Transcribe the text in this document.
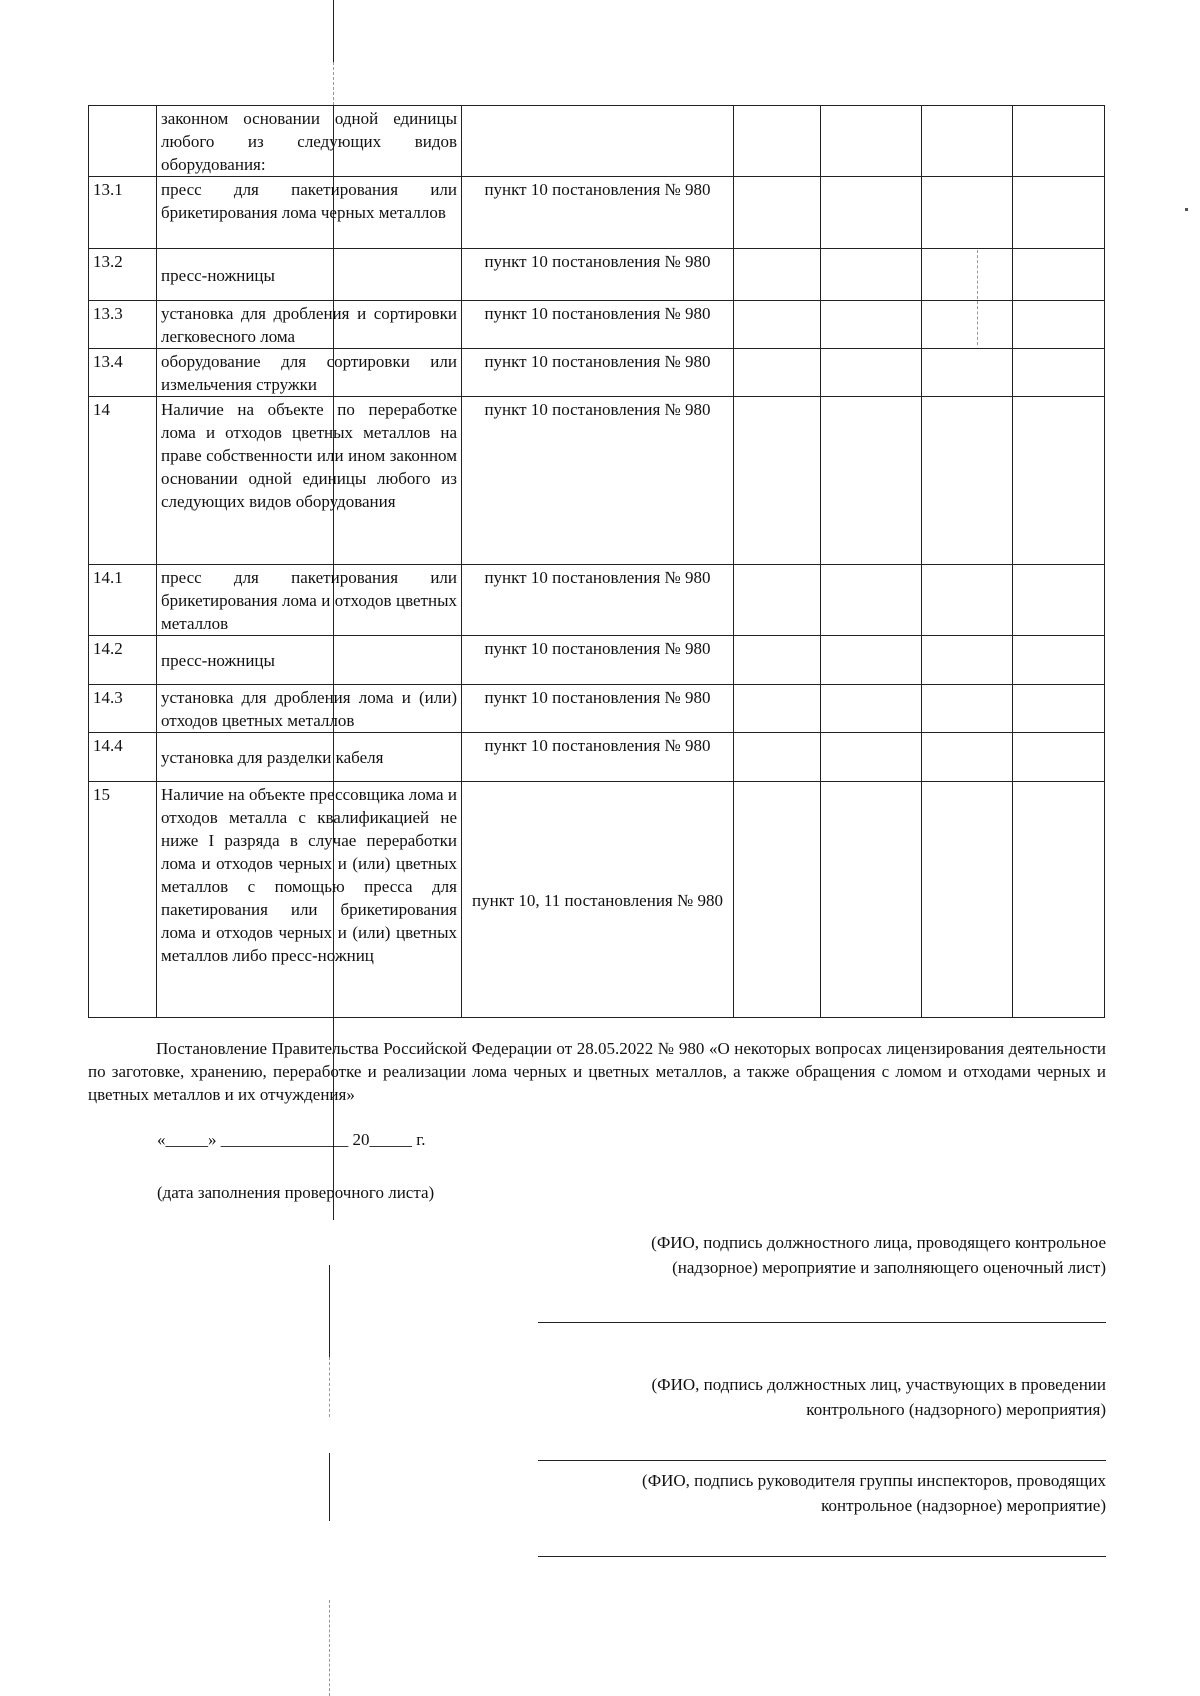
	законном основании одной единицы любого из следующих видов оборудования:					
13.1	пресс для пакетирования или брикетирования лома черных металлов	пункт 10 постановления № 980				
13.2	пресс-ножницы	пункт 10 постановления № 980				
13.3	установка для дробления и сортировки легковесного лома	пункт 10 постановления № 980				
13.4	оборудование для сортировки или измельчения стружки	пункт 10 постановления № 980				
14	Наличие на объекте по переработке лома и отходов цветных металлов на праве собственности или ином законном основании одной единицы любого из следующих видов оборудования	пункт 10 постановления № 980				
14.1	пресс для пакетирования или брикетирования лома и отходов цветных металлов	пункт 10 постановления № 980				
14.2	пресс-ножницы	пункт 10 постановления № 980				
14.3	установка для дробления лома и (или) отходов цветных металлов	пункт 10 постановления № 980				
14.4	установка для разделки кабеля	пункт 10 постановления № 980				
15	Наличие на объекте прессовщика лома и отходов металла с квалификацией не ниже I разряда в случае переработки лома и отходов черных и (или) цветных металлов с помощью пресса для пакетирования или брикетирования лома и отходов черных и (или) цветных металлов либо пресс-ножниц	пункт 10, 11 постановления № 980				
Постановление Правительства Российской Федерации от 28.05.2022 № 980 «О некоторых вопросах лицензирования деятельности по заготовке, хранению, переработке и реализации лома черных и цветных металлов, а также обращения с ломом и отходами черных и цветных металлов и их отчуждения»
«_____» _______________ 20_____ г.
(дата заполнения проверочного листа)
(ФИО, подпись должностного лица, проводящего контрольное
(надзорное) мероприятие и заполняющего оценочный лист)
(ФИО, подпись должностных лиц, участвующих в проведении
контрольного (надзорного) мероприятия)
(ФИО, подпись руководителя группы инспекторов, проводящих
контрольное (надзорное) мероприятие)
